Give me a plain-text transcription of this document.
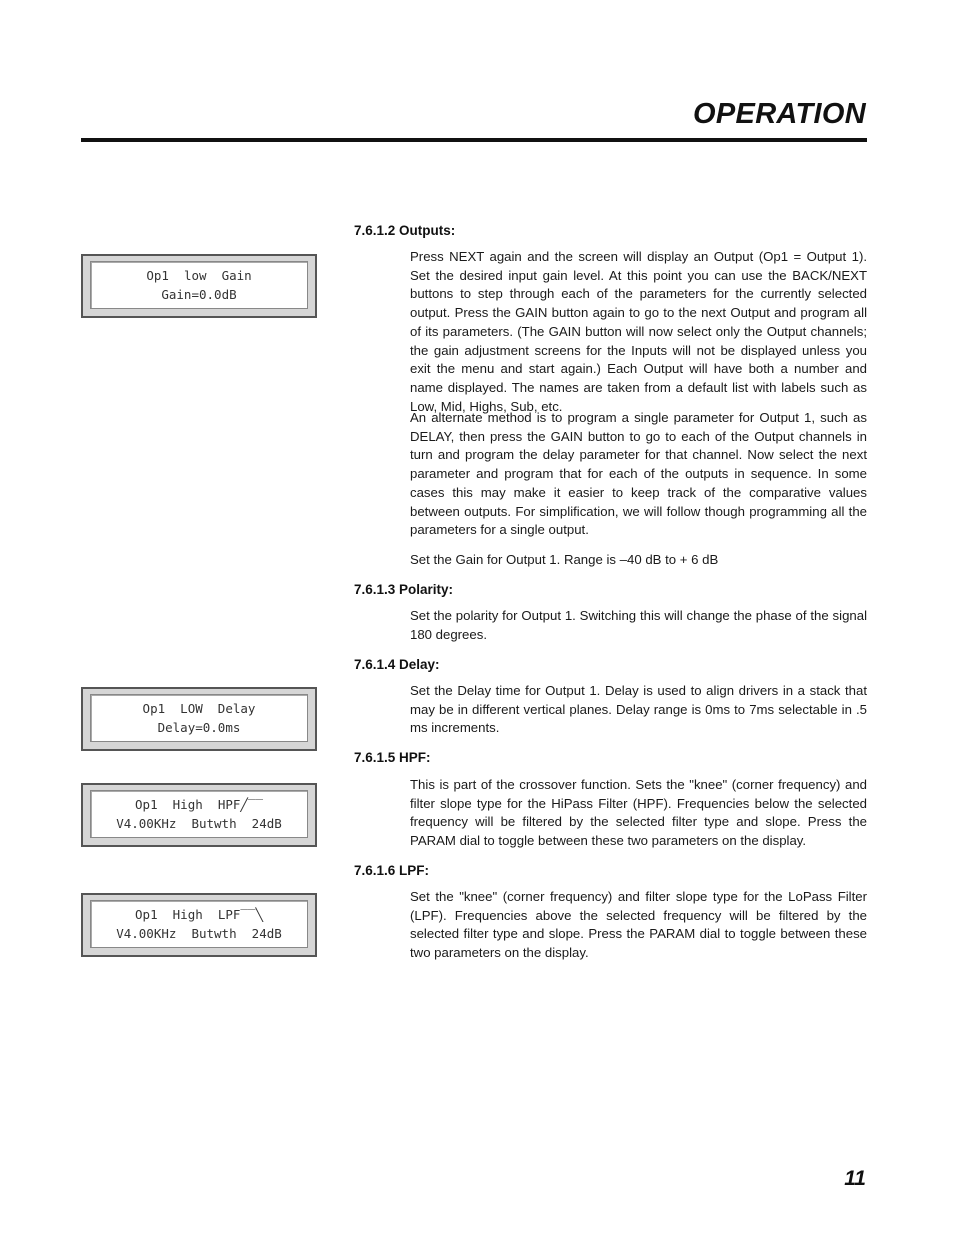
OPERATION
Op1  low  Gain
Gain=0.0dB
Op1  LOW  Delay
Delay=0.0ms
Op1  High  HPF╱‾‾
V4.00KHz  Butwth  24dB
Op1  High  LPF‾‾╲
V4.00KHz  Butwth  24dB
7.6.1.2 Outputs:
Press NEXT again and the screen will display an Output (Op1 = Output 1). Set the desired input gain level. At this point you can use the BACK/NEXT buttons to step through each of the parameters for the currently selected output. Press the GAIN button again to go to the next Output and program all of its parameters. (The GAIN button will now select only the Output channels; the gain adjustment screens for the Inputs will not be displayed unless you exit the menu and start again.) Each Output will have both a number and name displayed. The names are taken from a default list with labels such as Low, Mid, Highs, Sub, etc.
An alternate method is to program a single parameter for Output 1, such as DELAY, then press the GAIN button to go to each of the Output channels in turn and program the delay parameter for that channel. Now select the next parameter and program that for each of the outputs in sequence. In some cases this may make it easier to keep track of the comparative values between outputs. For simplification, we will follow though programming all the parameters for a single output.
Set the Gain for Output 1. Range is –40 dB to + 6 dB
7.6.1.3 Polarity:
Set the polarity for Output 1. Switching this will change the phase of the signal 180 degrees.
7.6.1.4 Delay:
Set the Delay time for Output 1. Delay is used to align drivers in a stack that may be in different vertical planes. Delay range is 0ms to 7ms selectable in .5 ms increments.
7.6.1.5 HPF:
This is part of the crossover function. Sets the "knee" (corner frequency) and filter slope type for the HiPass Filter (HPF). Frequencies below the selected frequency will be filtered by the selected filter type and slope. Press the PARAM dial to toggle between these two parameters on the display.
7.6.1.6 LPF:
Set the "knee" (corner frequency) and filter slope type for the LoPass Filter (LPF). Frequencies above the selected frequency will be filtered by the selected filter type and slope. Press the PARAM dial to toggle between these two parameters on the display.
11
